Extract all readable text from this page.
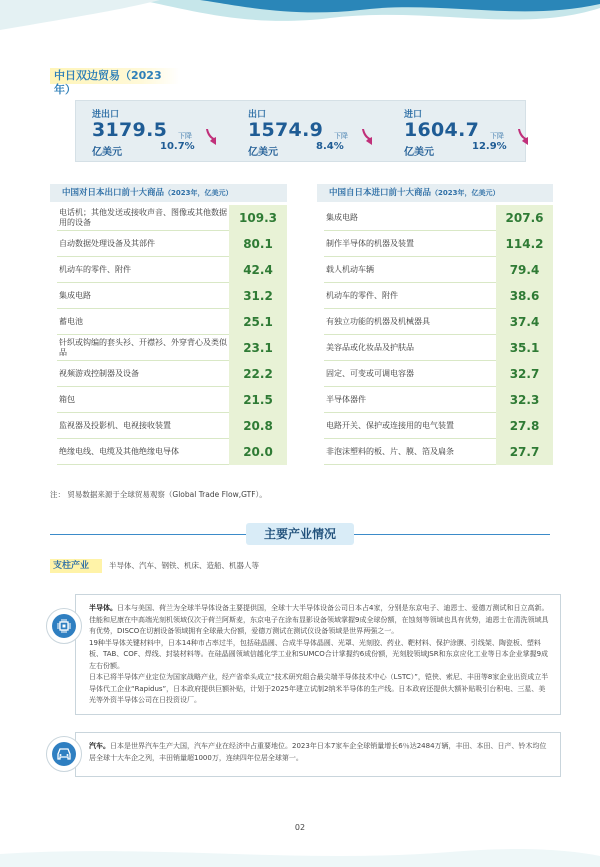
中日双边贸易（2023年）
进出口
3179.5
亿美元
下降
10.7%
出口
1574.9
亿美元
下降
8.4%
进口
1604.7
亿美元
下降
12.9%
中国对日本出口前十大商品（2023年，亿美元）	中国自日本进口前十大商品（2023年，亿美元）
电话机；其他发送或接收声音、图像或其他数据用的设备	109.3
自动数据处理设备及其部件	80.1
机动车的零件、附件	42.4
集成电路	31.2
蓄电池	25.1
针织或钩编的套头衫、开襟衫、外穿背心及类似品	23.1
视频游戏控制器及设备	22.2
箱包	21.5
监视器及投影机、电视接收装置	20.8
绝缘电线、电缆及其他绝缘电导体	20.0
集成电路	207.6
制作半导体的机器及装置	114.2
载人机动车辆	79.4
机动车的零件、附件	38.6
有独立功能的机器及机械器具	37.4
美容品或化妆品及护肤品	35.1
固定、可变或可调电容器	32.7
半导体器件	32.3
电路开关、保护或连接用的电气装置	27.8
非泡沫塑料的板、片、膜、箔及扁条	27.7
注： 贸易数据来源于全球贸易观察（Global Trade Flow,GTF）。
主要产业情况
支柱产业	半导体、汽车、钢铁、机床、造船、机器人等
半导体。日本与美国、荷兰为全球半导体设备主要提供国，全球十大半导体设备公司日本占4家，分别是东京电子、迪恩士、爱德万测试和日立高新。佳能和尼康在中高端光刻机领域仅次于荷兰阿斯麦，东京电子在涂布显影设备领域掌握9成全球份额，在蚀刻等领域也具有优势，迪恩士在清洗领域具有优势，DISCO在切割设备领域拥有全球最大份额，爱德万测试在测试仪设备领域是世界两强之一。
19种半导体关键材料中，日本14种市占率过半，包括硅晶圆、合成半导体晶圆、光罩、光刻胶、药业、靶材料、保护涂膜、引线架、陶瓷板、塑料板、TAB、COF、焊线、封装材料等。在硅晶圆领域信越化学工业和SUMCO合计掌握约6成份额，光刻胶领域JSR和东京应化工业等日本企业掌握9成左右份额。
日本已将半导体产业定位为国家战略产业，经产省牵头成立“技术研究组合最尖端半导体技术中心（LSTC）”，铠侠、索尼、丰田等8家企业出资成立半导体代工企业“Rapidus”，日本政府提供巨额补贴，计划于2025年建立试制2纳米半导体的生产线。日本政府还提供大额补贴吸引台积电、三星、美光等外资半导体公司在日投资设厂。
汽车。日本是世界汽车生产大国，汽车产业在经济中占重要地位。2023年日本7家车企全球销量增长6％达2484万辆，丰田、本田、日产、铃木均位居全球十大车企之列，丰田销量超1000万，连续四年位居全球第一。
02
